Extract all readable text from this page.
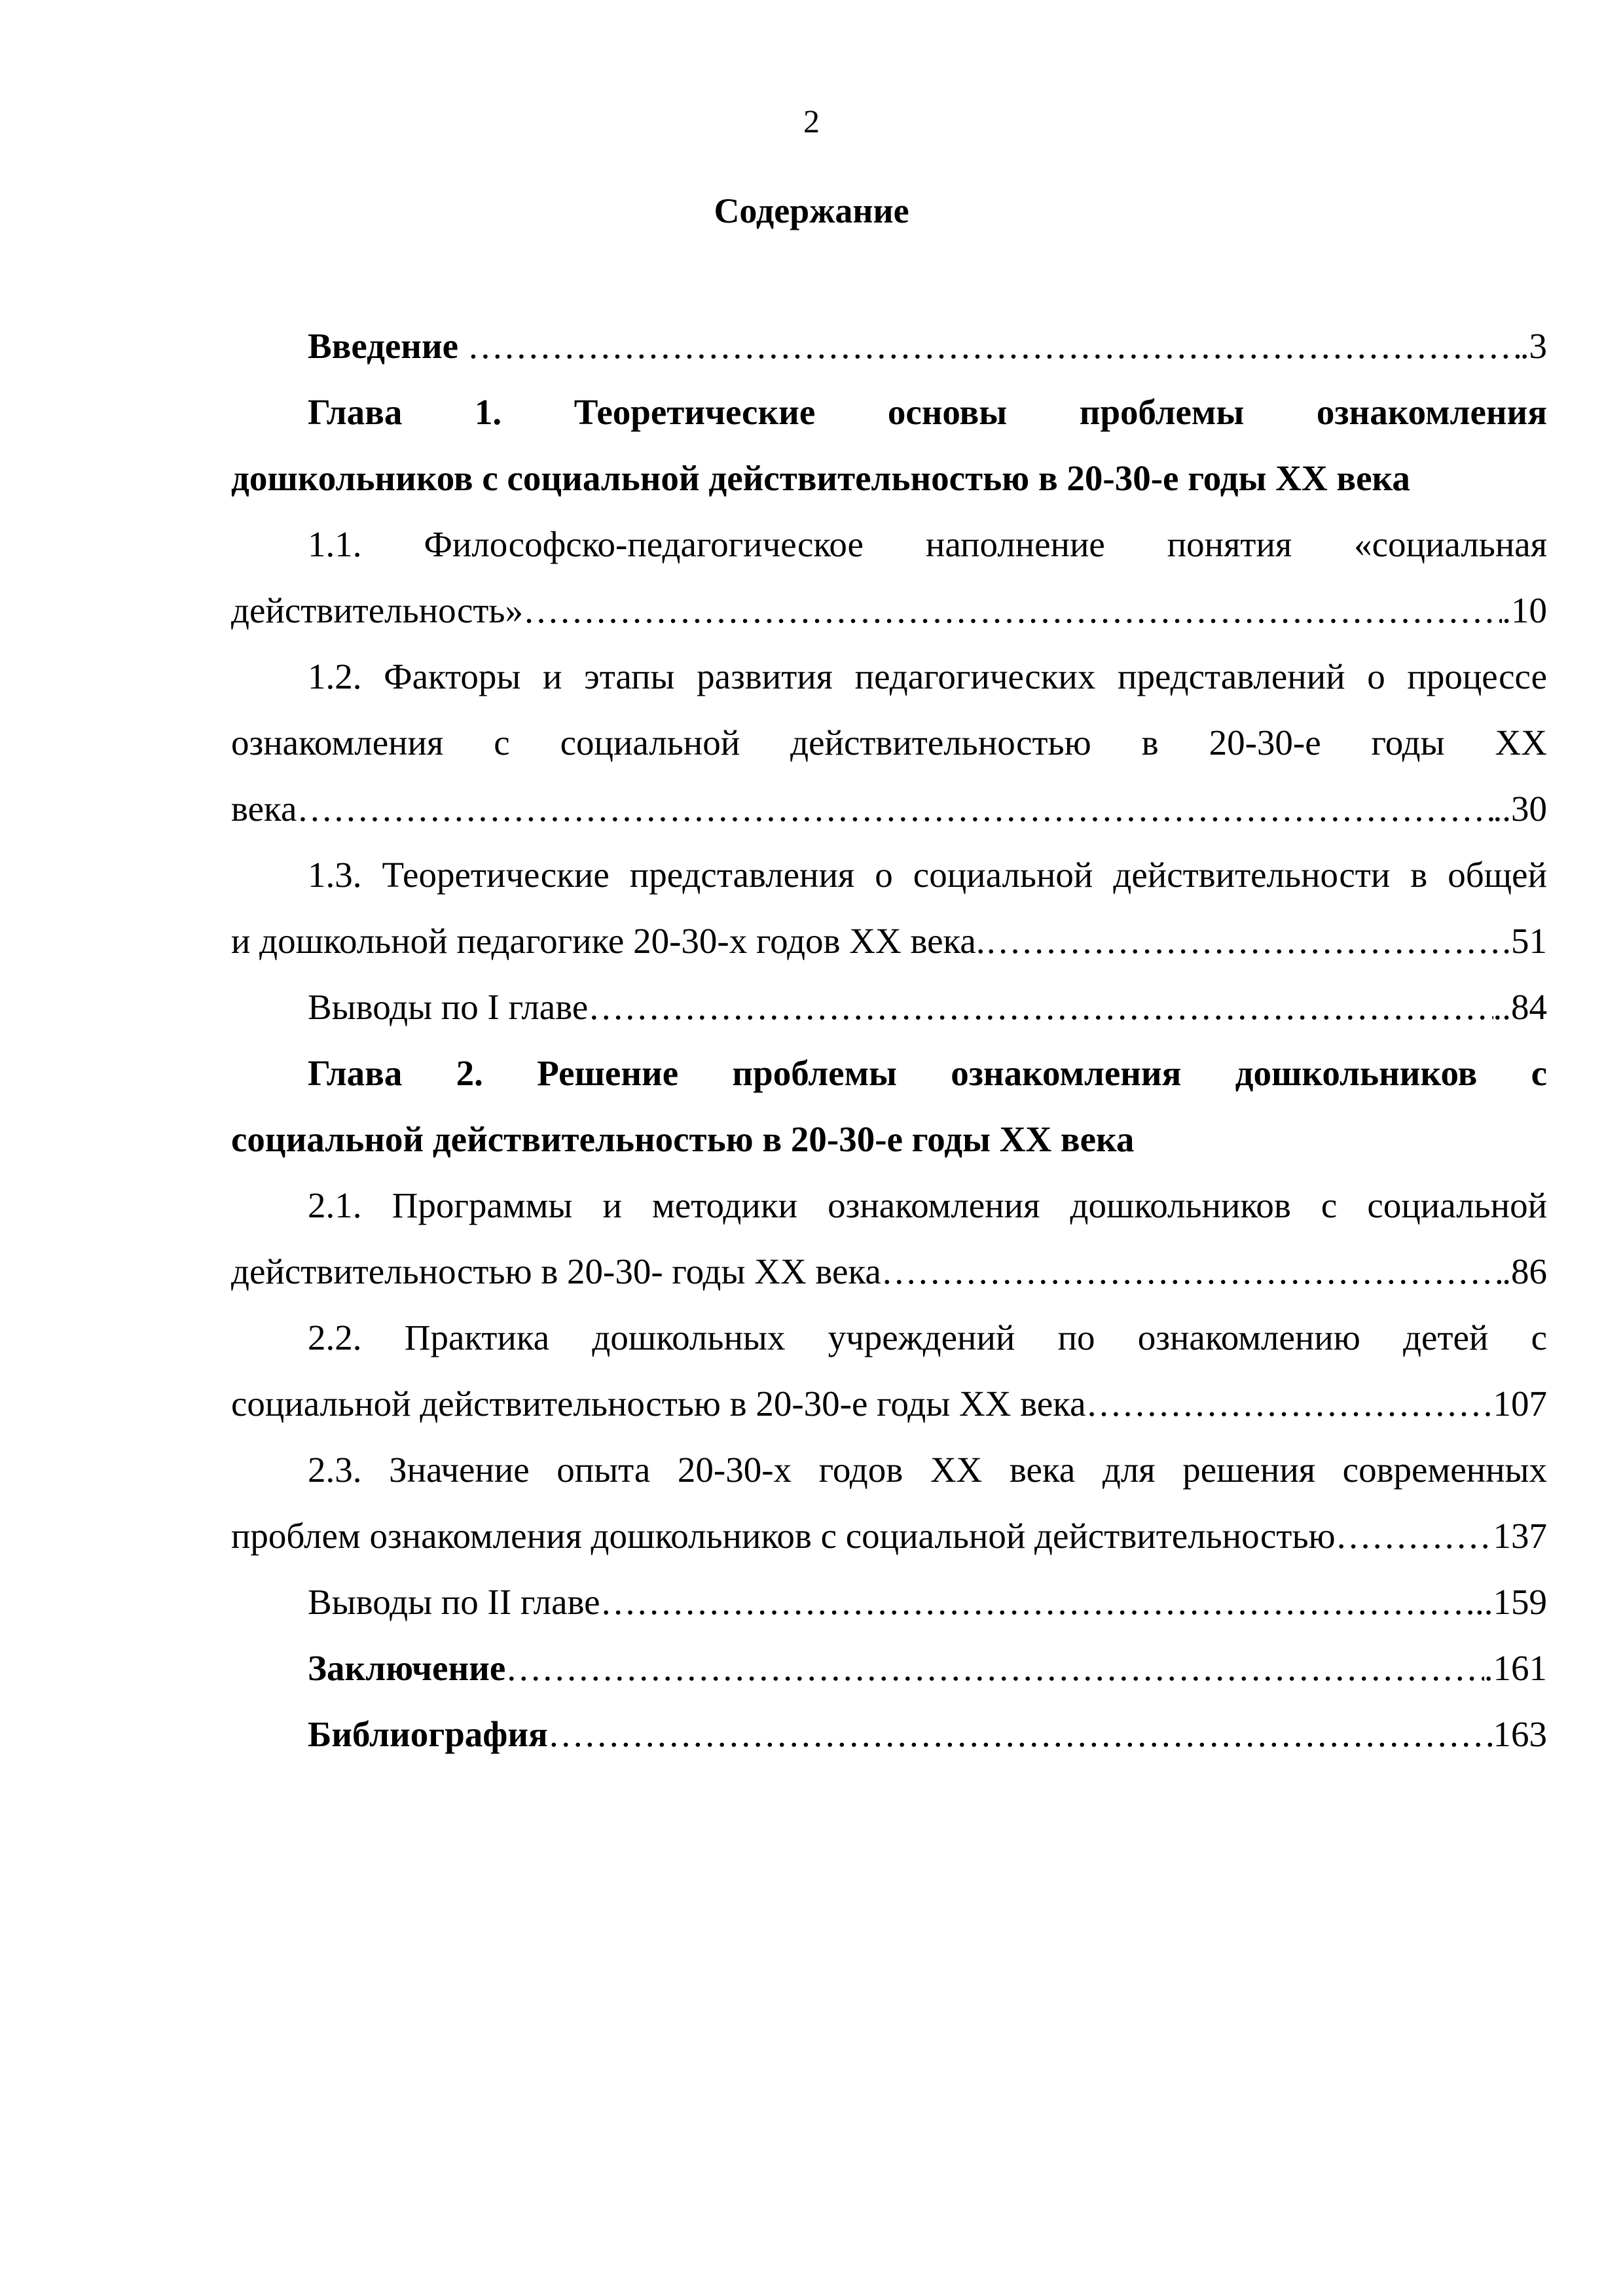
2
Содержание
Введение ………………………………………………………………………………………………………………………………………………………………………………………………	.3
Глава 1. Теоретические основы проблемы ознакомления
дошкольников с социальной действительностью в 20-30-е годы XX века
1.1. Философско-педагогическое наполнение понятия «социальная
действительность» ………………………………………………………………………………………………………………………………………………………………………………………………	.10
1.2. Факторы и этапы развития педагогических представлений о процессе ознакомления с социальной действительностью в 20-30-е годы XX
века ………………………………………………………………………………………………………………………………………………………………………………………………	..30
1.3. Теоретические представления о социальной действительности в общей
и дошкольной педагогике 20-30-х годов XX века. ………………………………………………………………………………………………………………………………………………………………………………………………	.51
Выводы по I главе ………………………………………………………………………………………………………………………………………………………………………………………………	..84
Глава 2. Решение проблемы ознакомления дошкольников с
социальной действительностью в 20-30-е годы XX века
2.1. Программы и методики ознакомления дошкольников с социальной
действительностью в 20-30- годы XX века ………………………………………………………………………………………………………………………………………………………………………………………………	.86
2.2. Практика дошкольных учреждений по ознакомлению детей с
социальной действительностью в 20-30-е годы XX века ………………………………………………………………………………………………………………………………………………………………………………………………	107
2.3. Значение опыта 20-30-х годов XX века для решения современных
проблем ознакомления дошкольников с социальной действительностью ………………………………………………………………………………………………………………………………………………………………………………………………	137
Выводы по II главе ………………………………………………………………………………………………………………………………………………………………………………………………	..159
Заключение ………………………………………………………………………………………………………………………………………………………………………………………………	.161
Библиография ………………………………………………………………………………………………………………………………………………………………………………………………	163
